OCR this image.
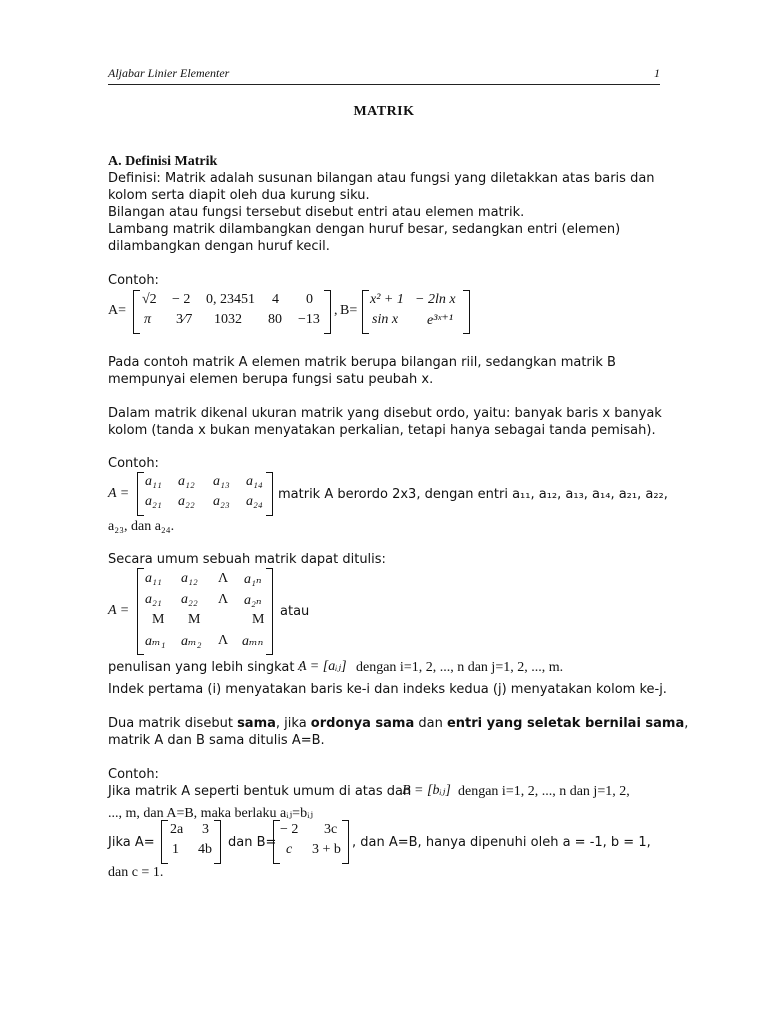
Aljabar Linier Elementer	1
MATRIK
A. Definisi Matrik
Definisi: Matrik adalah susunan bilangan atau fungsi yang diletakkan atas baris dan
kolom serta diapit oleh dua kurung siku.
Bilangan atau fungsi tersebut disebut entri atau elemen matrik.
Lambang matrik dilambangkan dengan huruf besar, sedangkan entri (elemen)
dilambangkan dengan huruf kecil.
Contoh:
A=
√2 − 2 0, 23451 4 0
π 3⁄7 1032 80 −13
, B=
x² + 1 − 2ln x
sin x e³ˣ⁺¹
Pada contoh matrik A elemen matrik berupa bilangan riil, sedangkan matrik B
mempunyai elemen berupa fungsi satu peubah x.
Dalam matrik dikenal ukuran matrik yang disebut ordo, yaitu: banyak baris x banyak
kolom (tanda x bukan menyatakan perkalian, tetapi hanya sebagai tanda pemisah).
Contoh:
A =
a₁₁ a₁₂ a₁₃ a₁₄
a₂₁ a₂₂ a₂₃ a₂₄ matrik A berordo 2x3, dengan entri a₁₁, a₁₂, a₁₃, a₁₄, a₂₁, a₂₂,
a₂₃, dan a₂₄.
Secara umum sebuah matrik dapat ditulis:
A =
a₁₁ a₁₂ Λ a₁ₙ
a₂₁ a₂₂ Λ a₂ₙ
Μ Μ	Μ
aₘ₁ aₘ₂ Λ aₘₙ
atau
penulisan yang lebih singkat :
A = [aᵢⱼ] dengan i=1, 2, ..., n dan j=1, 2, ..., m.
Indek pertama (i) menyatakan baris ke-i dan indeks kedua (j) menyatakan kolom ke-j.
Dua matrik disebut sama, jika ordonya sama dan entri yang seletak bernilai sama,
matrik A dan B sama ditulis A=B.
Contoh:
Jika matrik A seperti bentuk umum di atas dan
B = [bᵢⱼ] dengan i=1, 2, ..., n dan j=1, 2,
..., m, dan A=B, maka berlaku aᵢⱼ=bᵢⱼ
Jika A=
2a 3
1 4b dan B=
− 2 3c
c 3 + b , dan A=B, hanya dipenuhi oleh a = -1, b = 1,
dan c = 1.
